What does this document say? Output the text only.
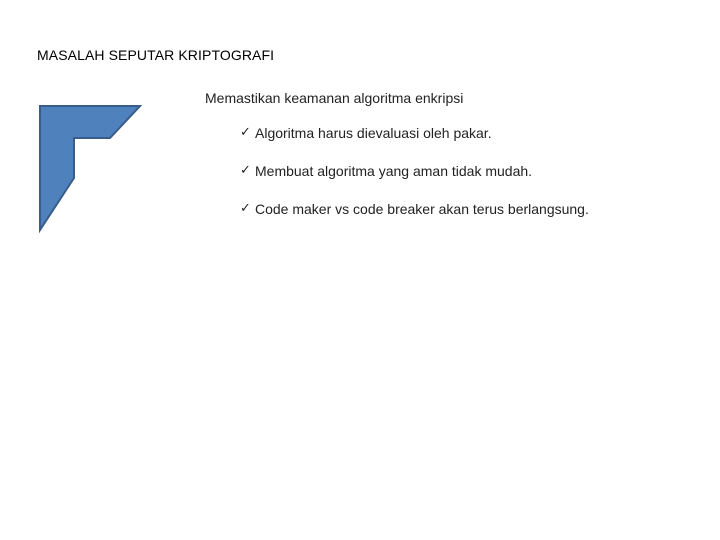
MASALAH SEPUTAR KRIPTOGRAFI
Memastikan keamanan algoritma enkripsi
✓ Algoritma harus dievaluasi oleh pakar.
✓ Membuat algoritma yang aman tidak mudah.
✓ Code maker vs code breaker akan terus berlangsung.
